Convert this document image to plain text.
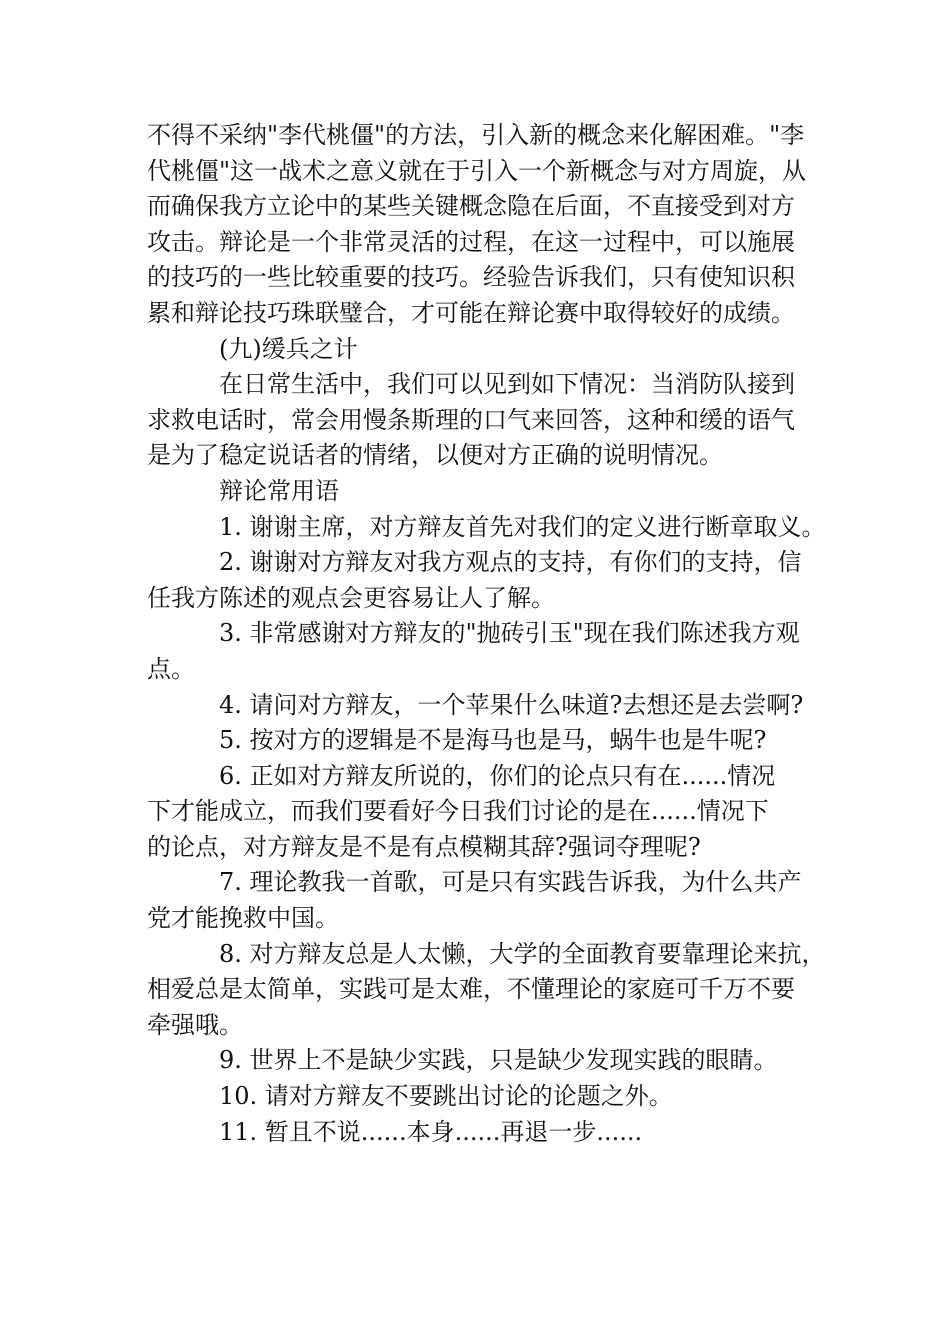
不得不采纳"李代桃僵"的方法，引入新的概念来化解困难。"李
代桃僵"这一战术之意义就在于引入一个新概念与对方周旋，从
而确保我方立论中的某些关键概念隐在后面，不直接受到对方
攻击。辩论是一个非常灵活的过程，在这一过程中，可以施展
的技巧的一些比较重要的技巧。经验告诉我们，只有使知识积
累和辩论技巧珠联璧合，才可能在辩论赛中取得较好的成绩。
(九)缓兵之计
在日常生活中，我们可以见到如下情况：当消防队接到
求救电话时，常会用慢条斯理的口气来回答，这种和缓的语气
是为了稳定说话者的情绪，以便对方正确的说明情况。
辩论常用语
1. 谢谢主席，对方辩友首先对我们的定义进行断章取义。
2. 谢谢对方辩友对我方观点的支持，有你们的支持，信
任我方陈述的观点会更容易让人了解。
3. 非常感谢对方辩友的"抛砖引玉"现在我们陈述我方观
点。
4. 请问对方辩友，一个苹果什么味道?去想还是去尝啊?
5. 按对方的逻辑是不是海马也是马，蜗牛也是牛呢?
6. 正如对方辩友所说的，你们的论点只有在......情况
下才能成立，而我们要看好今日我们讨论的是在......情况下
的论点，对方辩友是不是有点模糊其辞?强词夺理呢?
7. 理论教我一首歌，可是只有实践告诉我，为什么共产
党才能挽救中国。
8. 对方辩友总是人太懒，大学的全面教育要靠理论来抗，
相爱总是太简单，实践可是太难，不懂理论的家庭可千万不要
牵强哦。
9. 世界上不是缺少实践，只是缺少发现实践的眼睛。
10. 请对方辩友不要跳出讨论的论题之外。
11. 暂且不说......本身......再退一步......
